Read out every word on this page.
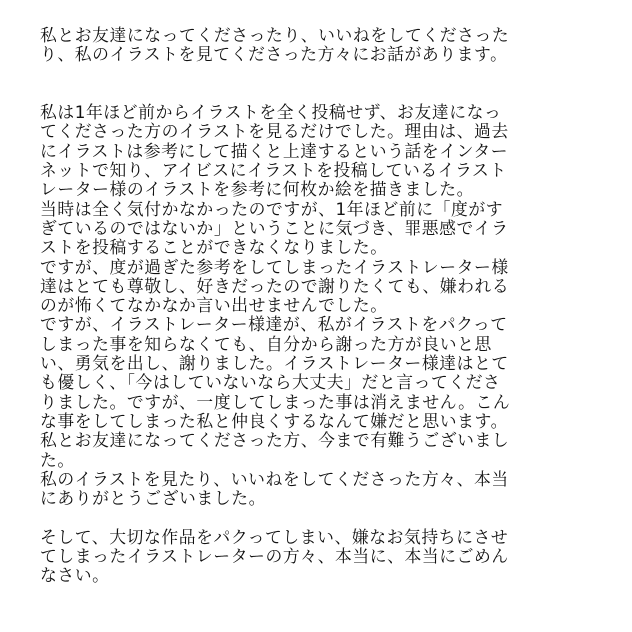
私とお友達になってくださったり、いいねをしてくださった
り、私のイラストを見てくださった方々にお話があります。
私は1年ほど前からイラストを全く投稿せず、お友達になっ
てくださった方のイラストを見るだけでした。理由は、過去
にイラストは参考にして描くと上達するという話をインター
ネットで知り、アイビスにイラストを投稿しているイラスト
レーター様のイラストを参考に何枚か絵を描きました。
当時は全く気付かなかったのですが、1年ほど前に「度がす
ぎているのではないか」ということに気づき、罪悪感でイラ
ストを投稿することができなくなりました。
ですが、度が過ぎた参考をしてしまったイラストレーター様
達はとても尊敬し、好きだったので謝りたくても、嫌われる
のが怖くてなかなか言い出せませんでした。
ですが、イラストレーター様達が、私がイラストをパクって
しまった事を知らなくても、自分から謝った方が良いと思
い、勇気を出し、謝りました。イラストレーター様達はとて
も優しく、「今はしていないなら大丈夫」だと言ってくださ
りました。ですが、一度してしまった事は消えません。こん
な事をしてしまった私と仲良くするなんて嫌だと思います。
私とお友達になってくださった方、今まで有難うございまし
た。
私のイラストを見たり、いいねをしてくださった方々、本当
にありがとうございました。
そして、大切な作品をパクってしまい、嫌なお気持ちにさせ
てしまったイラストレーターの方々、本当に、本当にごめん
なさい。
